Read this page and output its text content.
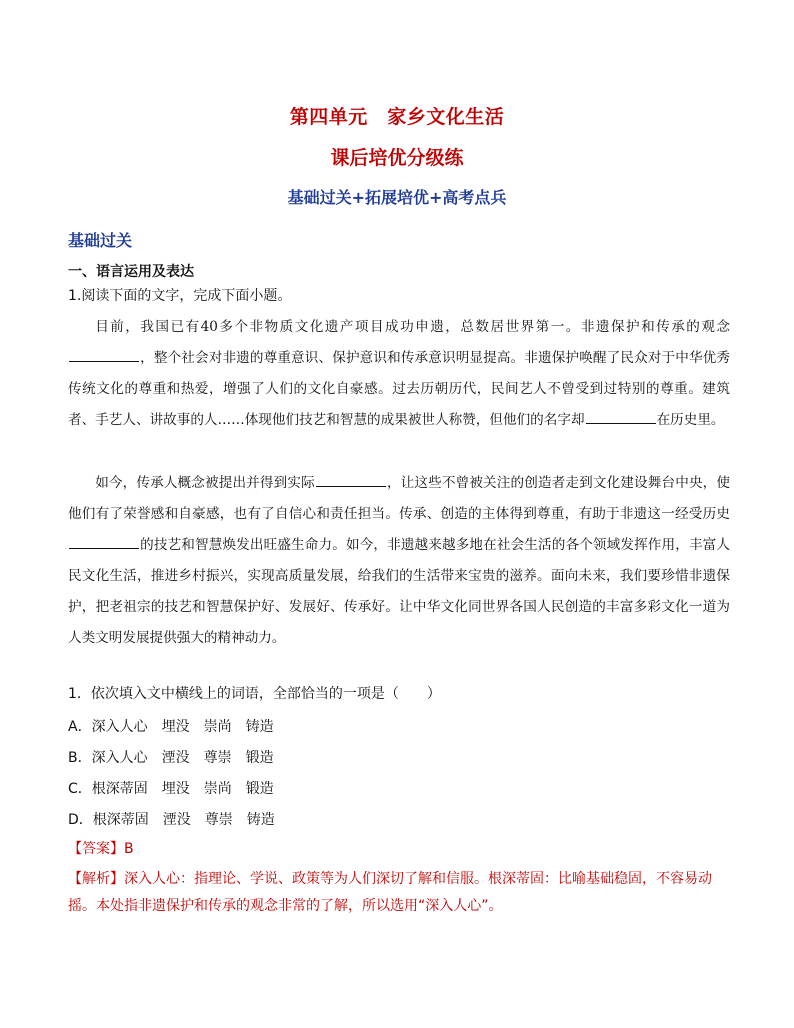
第四单元　家乡文化生活
课后培优分级练
基础过关+拓展培优+高考点兵
基础过关
一、语言运用及表达
1.阅读下面的文字，完成下面小题。
目前，我国已有40多个非物质文化遗产项目成功申遗，总数居世界第一。非遗保护和传承的观念，整个社会对非遗的尊重意识、保护意识和传承意识明显提高。非遗保护唤醒了民众对于中华优秀传统文化的尊重和热爱，增强了人们的文化自豪感。过去历朝历代，民间艺人不曾受到过特别的尊重。建筑者、手艺人、讲故事的人……体现他们技艺和智慧的成果被世人称赞，但他们的名字却	在历史里。
如今，传承人概念被提出并得到实际	，让这些不曾被关注的创造者走到文化建设舞台中央，使他们有了荣誉感和自豪感，也有了自信心和责任担当。传承、创造的主体得到尊重，有助于非遗这一经受历史的技艺和智慧焕发出旺盛生命力。如今，非遗越来越多地在社会生活的各个领域发挥作用，丰富人民文化生活，推进乡村振兴，实现高质量发展，给我们的生活带来宝贵的滋养。面向未来，我们要珍惜非遗保护，把老祖宗的技艺和智慧保护好、发展好、传承好。让中华文化同世界各国人民创造的丰富多彩文化一道为人类文明发展提供强大的精神动力。
1．依次填入文中横线上的词语，全部恰当的一项是（　　）
A．深入人心 埋没 崇尚 铸造
B．深入人心 湮没 尊崇 锻造
C．根深蒂固 埋没 崇尚 锻造
D．根深蒂固 湮没 尊崇 铸造
【答案】B
【解析】深入人心：指理论、学说、政策等为人们深切了解和信服。根深蒂固：比喻基础稳固，不容易动摇。本处指非遗保护和传承的观念非常的了解，所以选用“深入人心”。
